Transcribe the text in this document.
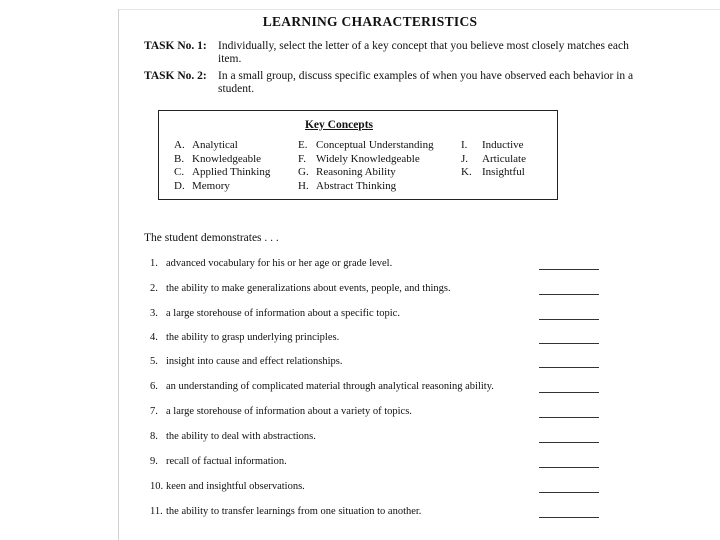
LEARNING CHARACTERISTICS
TASK No. 1: Individually, select the letter of a key concept that you believe most closely matches each item.
TASK No. 2: In a small group, discuss specific examples of when you have observed each behavior in a student.
Key Concepts
A. Analytical
B. Knowledgeable
C. Applied Thinking
D. Memory
E. Conceptual Understanding
F. Widely Knowledgeable
G. Reasoning Ability
H. Abstract Thinking
I. Inductive
J. Articulate
K. Insightful
The student demonstrates . . .
1. advanced vocabulary for his or her age or grade level.
2. the ability to make generalizations about events, people, and things.
3. a large storehouse of information about a specific topic.
4. the ability to grasp underlying principles.
5. insight into cause and effect relationships.
6. an understanding of complicated material through analytical reasoning ability.
7. a large storehouse of information about a variety of topics.
8. the ability to deal with abstractions.
9. recall of factual information.
10. keen and insightful observations.
11. the ability to transfer learnings from one situation to another.
